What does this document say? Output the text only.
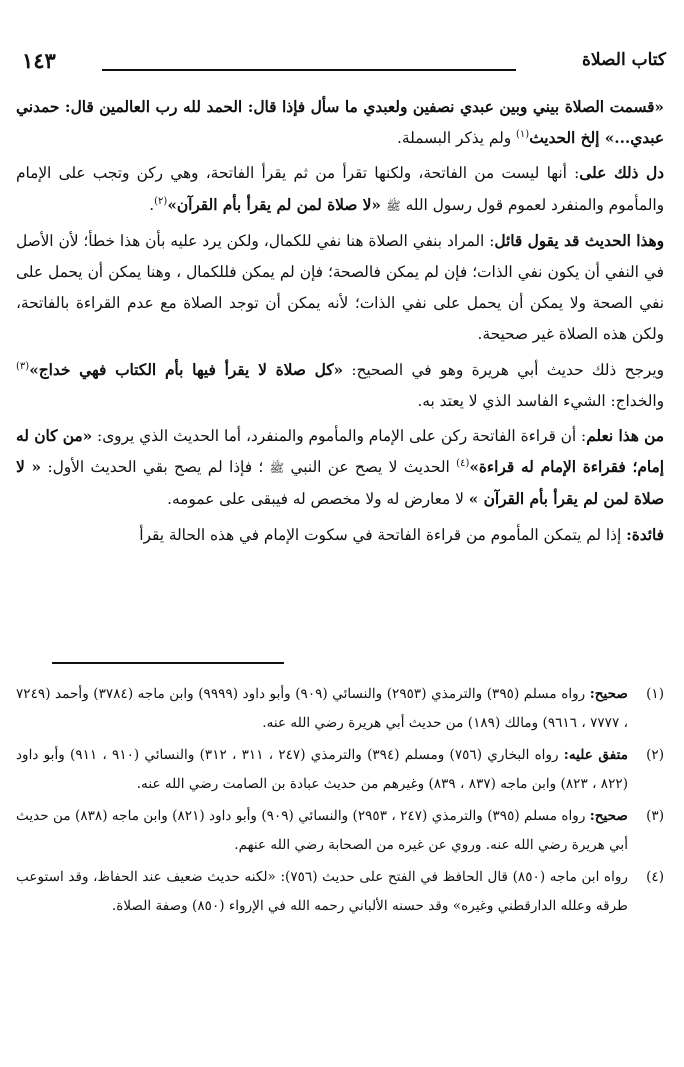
١٤٣	كتاب الصلاة

«قسمت الصلاة بيني وبين عبدي نصفين ولعبدي ما سأل فإذا قال: الحمد لله رب العالمين قال: حمدني عبدي...» إلخ الحديث$^{(١)}$ ولم يذكر البسملة.

دل ذلك على: أنها ليست من الفاتحة، ولكنها تقرأ من ثم يقرأ الفاتحة، وهي ركن وتجب على الإمام والمأموم والمنفرد لعموم قول رسول الله ﷺ «لا صلاة لمن لم يقرأ بأم القرآن»$^{(٢)}$.

وهذا الحديث قد يقول قائل: المراد بنفي الصلاة هنا نفي للكمال، ولكن يرد عليه بأن هذا خطأ؛ لأن الأصل في النفي أن يكون نفي الذات؛ فإن لم يمكن فالصحة؛ فإن لم يمكن فللكمال ، وهنا يمكن أن يحمل على نفي الصحة ولا يمكن أن يحمل على نفي الذات؛ لأنه يمكن أن توجد الصلاة مع عدم القراءة بالفاتحة، ولكن هذه الصلاة غير صحيحة.

ويرجح ذلك حديث أبي هريرة وهو في الصحيح: «كل صلاة لا يقرأ فيها بأم الكتاب فهي خداج»$^{(٣)}$ والخداج: الشيء الفاسد الذي لا يعتد به.

من هذا نعلم: أن قراءة الفاتحة ركن على الإمام والمأموم والمنفرد، أما الحديث الذي يروى: «من كان له إمام؛ فقراءة الإمام له قراءة»$^{(٤)}$ الحديث لا يصح عن النبي ﷺ ؛ فإذا لم يصح بقي الحديث الأول: « لا صلاة لمن لم يقرأ بأم القرآن » لا معارض له ولا مخصص له فيبقى على عمومه.

فائدة: إذا لم يتمكن المأموم من قراءة الفاتحة في سكوت الإمام في هذه الحالة يقرأ

(١)
صحيح: رواه مسلم (٣٩٥) والترمذي (٢٩٥٣) والنسائي (٩٠٩) وأبو داود (٩٩٩٩) وابن ماجه (٣٧٨٤) وأحمد (٧٢٤٩ ، ٧٧٧٧ ، ٩٦١٦) ومالك (١٨٩) من حديث أبي هريرة رضي الله عنه.
(٢)
متفق عليه: رواه البخاري (٧٥٦) ومسلم (٣٩٤) والترمذي (٢٤٧ ، ٣١١ ، ٣١٢) والنسائي (٩١٠ ، ٩١١) وأبو داود (٨٢٢ ، ٨٢٣) وابن ماجه (٨٣٧ ، ٨٣٩) وغيرهم من حديث عبادة بن الصامت رضي الله عنه.
(٣)
صحيح: رواه مسلم (٣٩٥) والترمذي (٢٤٧ ، ٢٩٥٣) والنسائي (٩٠٩) وأبو داود (٨٢١) وابن ماجه (٨٣٨) من حديث أبي هريرة رضي الله عنه. وروي عن غيره من الصحابة رضي الله عنهم.
(٤)
رواه ابن ماجه (٨٥٠) قال الحافظ في الفتح على حديث (٧٥٦): «لكنه حديث ضعيف عند الحفاظ، وقد استوعب طرقه وعلله الدارقطني وغيره» وقد حسنه الألباني رحمه الله في الإرواء (٨٥٠) وصفة الصلاة.
